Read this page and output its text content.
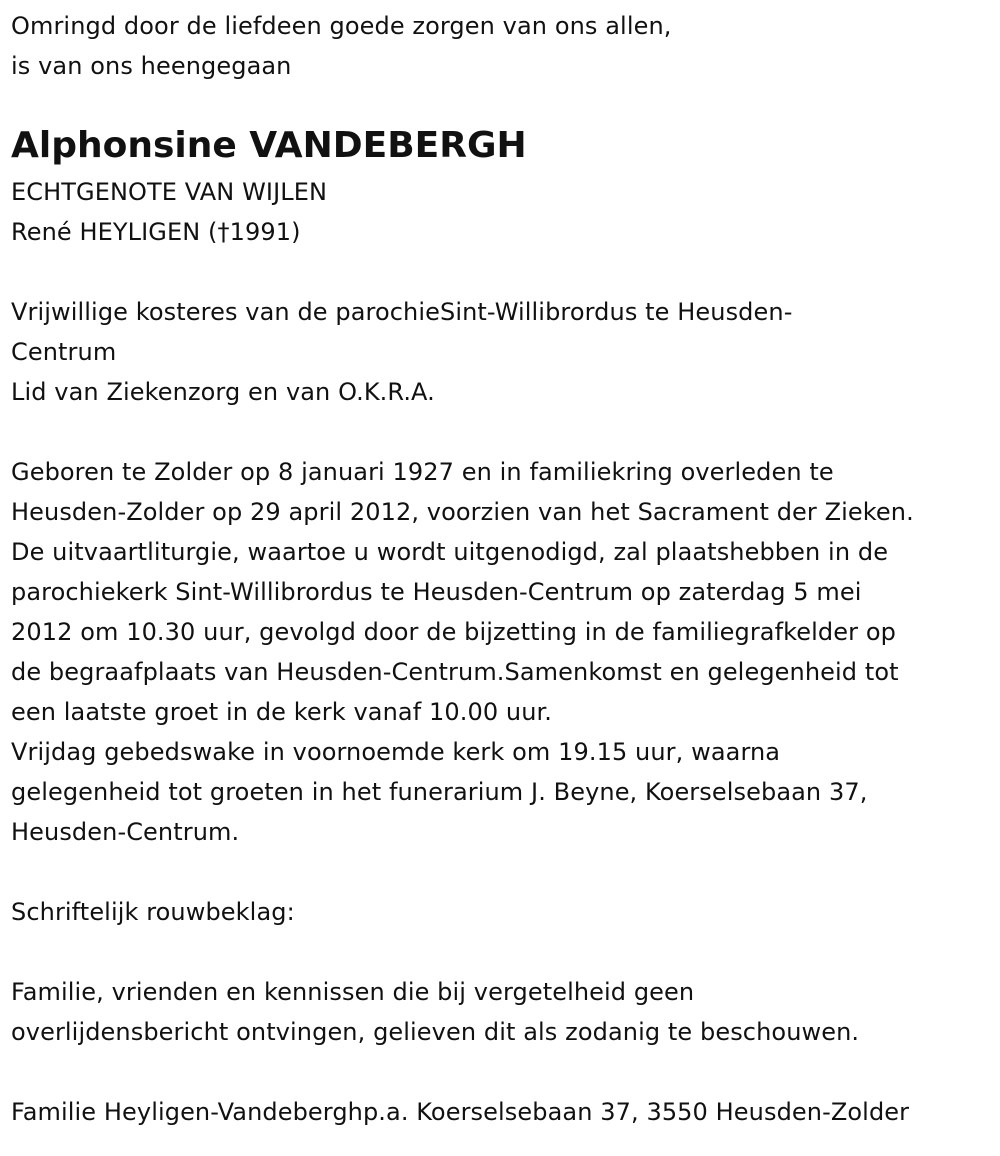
Omringd door de liefdeen goede zorgen van ons allen,
is van ons heengegaan
Alphonsine VANDEBERGH
ECHTGENOTE VAN WIJLEN
René HEYLIGEN (†1991)
Vrijwillige kosteres van de parochieSint-Willibrordus te Heusden-
Centrum
Lid van Ziekenzorg en van O.K.R.A.
Geboren te Zolder op 8 januari 1927 en in familiekring overleden te
Heusden-Zolder op 29 april 2012, voorzien van het Sacrament der Zieken.
De uitvaartliturgie, waartoe u wordt uitgenodigd, zal plaatshebben in de
parochiekerk Sint-Willibrordus te Heusden-Centrum op zaterdag 5 mei
2012 om 10.30 uur, gevolgd door de bijzetting in de familiegrafkelder op
de begraafplaats van Heusden-Centrum.Samenkomst en gelegenheid tot
een laatste groet in de kerk vanaf 10.00 uur.
Vrijdag gebedswake in voornoemde kerk om 19.15 uur, waarna
gelegenheid tot groeten in het funerarium J. Beyne, Koerselsebaan 37,
Heusden-Centrum.
Schriftelijk rouwbeklag:
Familie, vrienden en kennissen die bij vergetelheid geen
overlijdensbericht ontvingen, gelieven dit als zodanig te beschouwen.
Familie Heyligen-Vandeberghp.a. Koerselsebaan 37, 3550 Heusden-Zolder
